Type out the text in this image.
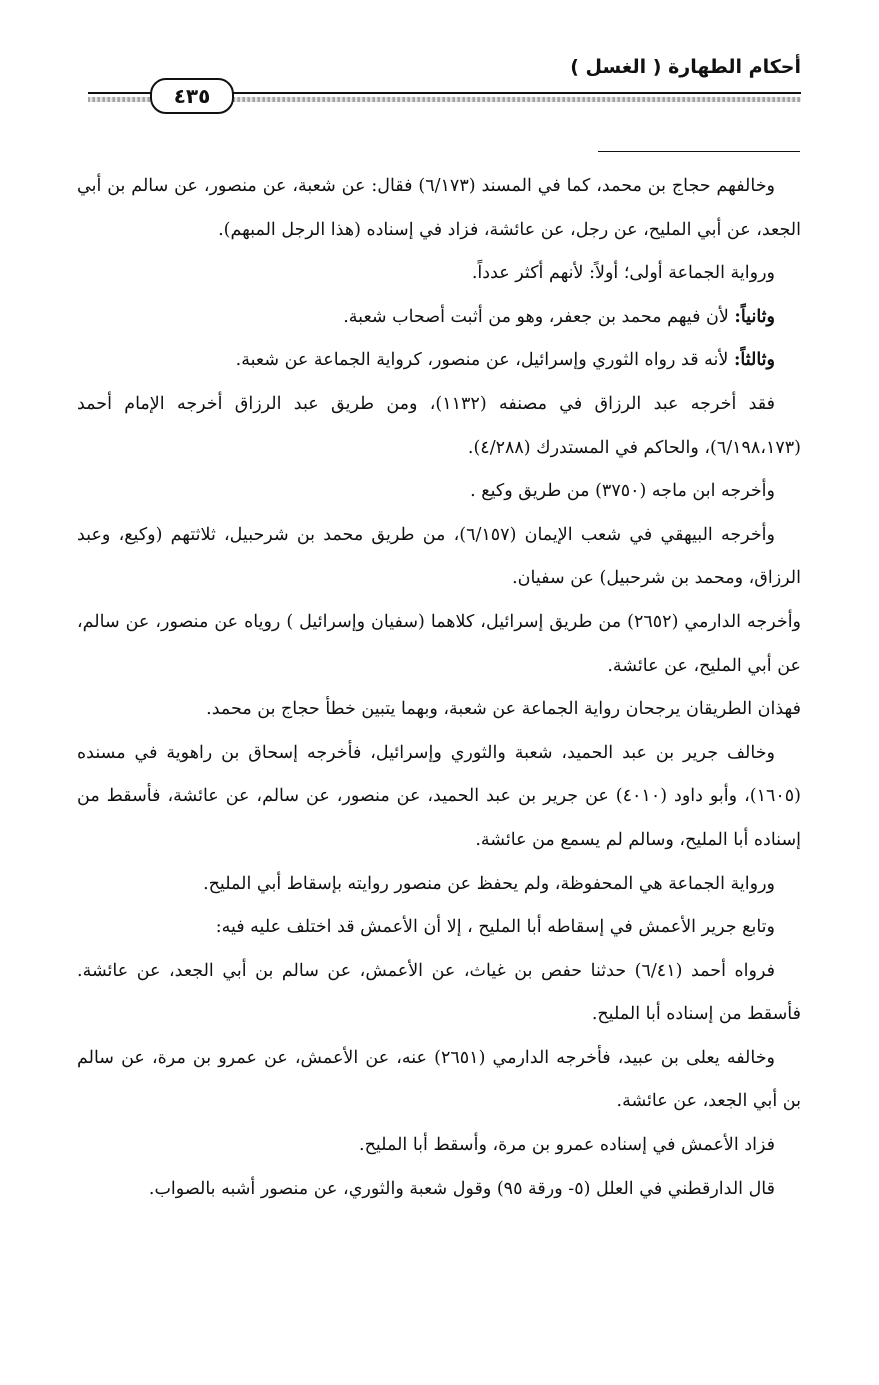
أحكام الطهارة ( الغسل )
٤٣٥

وخالفهم حجاج بن محمد، كما في المسند (٦/١٧٣) فقال: عن شعبة، عن منصور، عن سالم بن أبي الجعد، عن أبي المليح، عن رجل، عن عائشة، فزاد في إسناده (هذا الرجل المبهم).

ورواية الجماعة أولى؛ أولاً: لأنهم أكثر عدداً.

وثانياً: لأن فيهم محمد بن جعفر، وهو من أثبت أصحاب شعبة.

وثالثاً: لأنه قد رواه الثوري وإسرائيل، عن منصور، كرواية الجماعة عن شعبة.

فقد أخرجه عبد الرزاق في مصنفه (١١٣٢)، ومن طريق عبد الرزاق أخرجه الإمام أحمد (٦/١٩٨،١٧٣)، والحاكم في المستدرك (٤/٢٨٨).

وأخرجه ابن ماجه (٣٧٥٠) من طريق وكيع .

وأخرجه البيهقي في شعب الإيمان (٦/١٥٧)، من طريق محمد بن شرحبيل، ثلاثتهم (وكيع، وعبد الرزاق، ومحمد بن شرحبيل) عن سفيان.

وأخرجه الدارمي (٢٦٥٢) من طريق إسرائيل، كلاهما (سفيان وإسرائيل ) روياه عن منصور، عن سالم، عن أبي المليح، عن عائشة.

فهذان الطريقان يرجحان رواية الجماعة عن شعبة، وبهما يتبين خطأ حجاج بن محمد.

وخالف جرير بن عبد الحميد، شعبة والثوري وإسرائيل، فأخرجه إسحاق بن راهوية في مسنده (١٦٠٥)، وأبو داود (٤٠١٠) عن جرير بن عبد الحميد، عن منصور، عن سالم، عن عائشة، فأسقط من إسناده أبا المليح، وسالم لم يسمع من عائشة.

ورواية الجماعة هي المحفوظة، ولم يحفظ عن منصور روايته بإسقاط أبي المليح.

وتابع جرير الأعمش في إسقاطه أبا المليح ، إلا أن الأعمش قد اختلف عليه فيه:

فرواه أحمد (٦/٤١) حدثنا حفص بن غياث، عن الأعمش، عن سالم بن أبي الجعد، عن عائشة. فأسقط من إسناده أبا المليح.

وخالفه يعلى بن عبيد، فأخرجه الدارمي (٢٦٥١) عنه، عن الأعمش، عن عمرو بن مرة، عن سالم بن أبي الجعد، عن عائشة.

فزاد الأعمش في إسناده عمرو بن مرة، وأسقط أبا المليح.

قال الدارقطني في العلل (٥- ورقة ٩٥) وقول شعبة والثوري، عن منصور أشبه بالصواب.
